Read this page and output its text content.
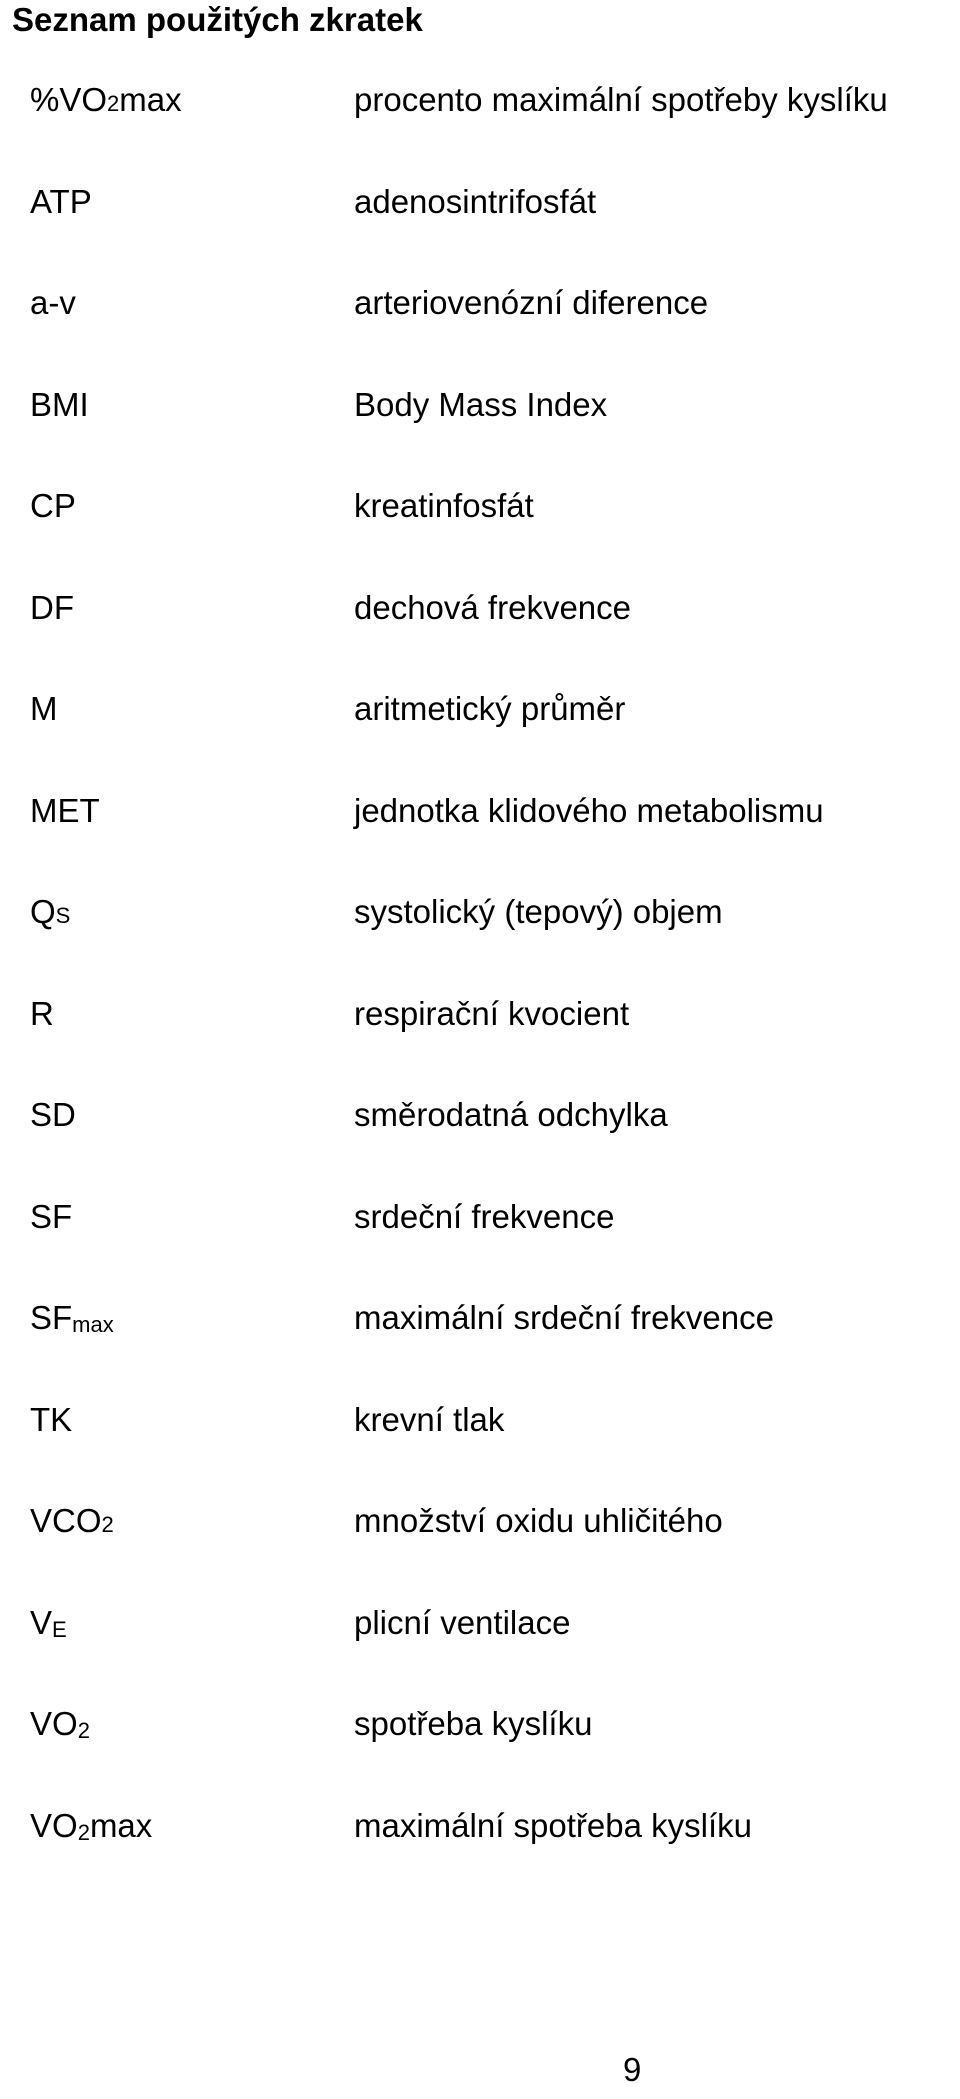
Seznam použitých zkratek
%VO2max	procento maximální spotřeby kyslíku
ATP	adenosintrifosfát
a-v	arteriovenózní diference
BMI	Body Mass Index
CP	kreatinfosfát
DF	dechová frekvence
M	aritmetický průměr
MET	jednotka klidového metabolismu
QS	systolický (tepový) objem
R	respirační kvocient
SD	směrodatná odchylka
SF	srdeční frekvence
$SF_{max}$	maximální srdeční frekvence
TK	krevní tlak
VCO2	množství oxidu uhličitého
$V_E$	plicní ventilace
$VO_2$	spotřeba kyslíku
$VO_2\max$	maximální spotřeba kyslíku
9
